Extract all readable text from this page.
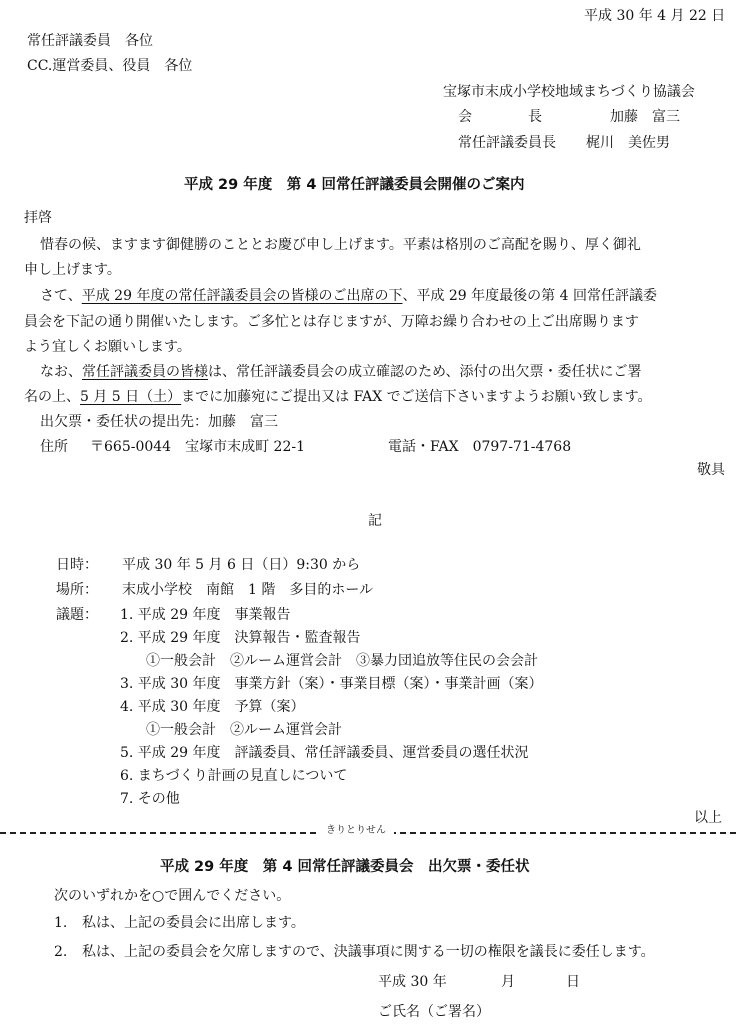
平成 30 年 4 月 22 日
常任評議委員　各位
CC.運営委員、役員　各位
宝塚市末成小学校地域まちづくり協議会
会　　　　長	加藤　富三
常任評議委員長 梶川　美佐男
平成 29 年度　第 4 回常任評議委員会開催のご案内
拝啓
惜春の候、ますます御健勝のこととお慶び申し上げます。平素は格別のご高配を賜り、厚く御礼
申し上げます。
さて、平成 29 年度の常任評議委員会の皆様のご出席の下、平成 29 年度最後の第 4 回常任評議委
員会を下記の通り開催いたします。ご多忙とは存じますが、万障お繰り合わせの上ご出席賜ります
よう宜しくお願いします。
なお、常任評議委員の皆様は、常任評議委員会の成立確認のため、添付の出欠票・委任状にご署
名の上、5 月 5 日（土）までに加藤宛にご提出又は FAX でご送信下さいますようお願い致します。
出欠票・委任状の提出先：加藤　富三
住所 〒665-0044　宝塚市末成町 22-1	電話・FAX　0797-71-4768
敬具
記
日時： 平成 30 年 5 月 6 日（日）9:30 から
場所： 末成小学校　南館　1 階　多目的ホール
議題： 1. 平成 29 年度　事業報告
2. 平成 29 年度　決算報告・監査報告
①一般会計　②ルーム運営会計　③暴力団追放等住民の会会計
3. 平成 30 年度　事業方針（案）・事業目標（案）・事業計画（案）
4. 平成 30 年度　予算（案）
①一般会計　②ルーム運営会計
5. 平成 29 年度　評議委員、常任評議委員、運営委員の選任状況
6. まちづくり計画の見直しについて
7. その他
以上
きりとりせん
平成 29 年度　第 4 回常任評議委員会　出欠票・委任状
次のいずれかを○で囲んでください。
1. 私は、上記の委員会に出席します。
2. 私は、上記の委員会を欠席しますので、決議事項に関する一切の権限を議長に委任します。
平成 30 年	月	日
ご氏名（ご署名）
